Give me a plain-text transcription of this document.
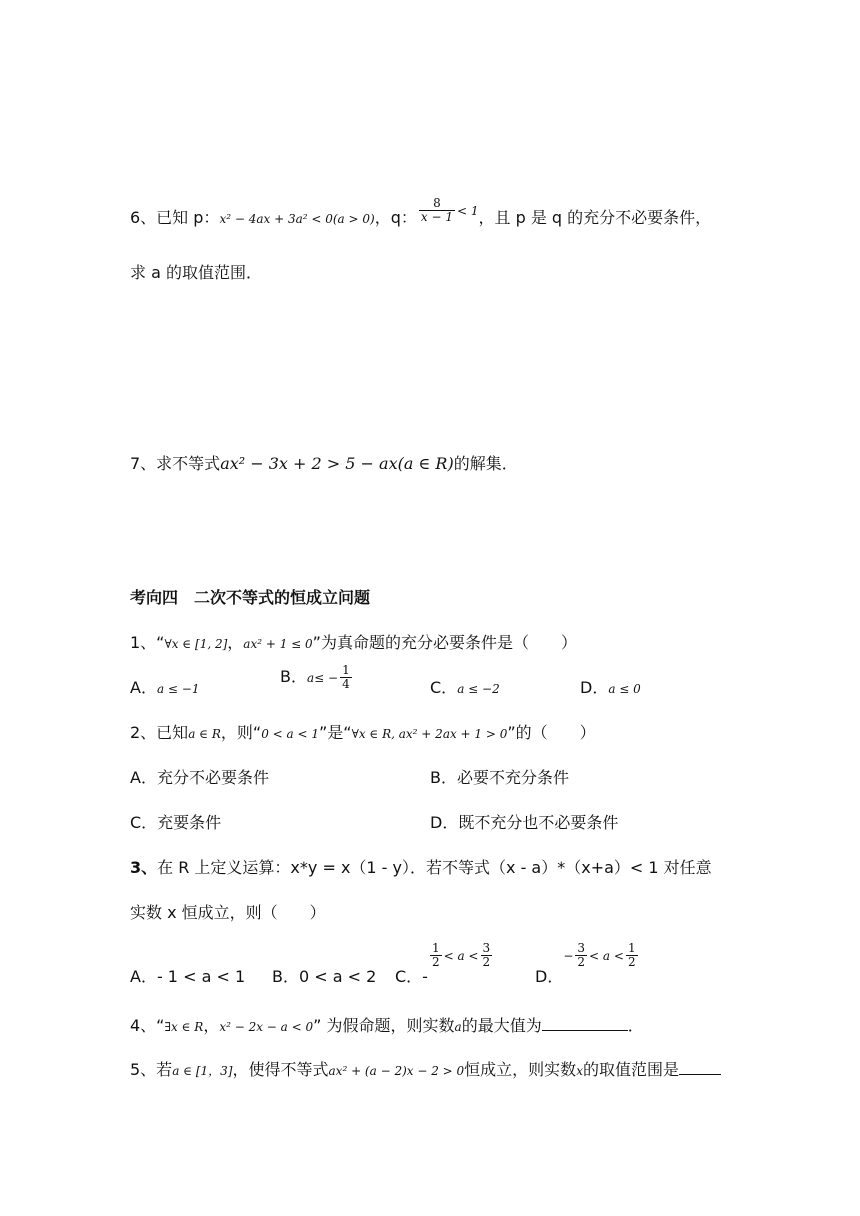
6、已知 p：x² − 4ax + 3a² < 0(a > 0)，q： $\frac{8}{x - 1} ^{< 1}$，且 p 是 q 的充分不必要条件，
求 a 的取值范围．
7、求不等式ax² − 3x + 2 > 5 − ax(a ∈ R)的解集．
考向四　二次不等式的恒成立问题
1、“∀x ∈ [1, 2]，ax² + 1 ≤ 0”为真命题的充分必要条件是（　　）
A．a ≤ −1
B．$a\le - \frac{1}{4}$	C．a ≤ −2	D．a ≤ 0
2、已知a ∈ R，则“0 < a < 1”是“∀x ∈ R, ax² + 2ax + 1 > 0”的（　　）
A．充分不必要条件	B．必要不充分条件
C．充要条件	D．既不充分也不必要条件
3、在 R 上定义运算：x*y = x（1 - y）．若不等式（x - a）*（x+a）< 1 对任意
实数 x 恒成立，则（　　）
A．- 1 < a < 1 B．0 < a < 2 C．-
$\frac{1}{2} < a < \frac{3}{2}$
D．− $\frac{3}{2} < a < \frac{1}{2}$
4、“∃x ∈ R，x² − 2x − a < 0” 为假命题，则实数a的最大值为	．
5、若a ∈ [1，3]，使得不等式ax² + (a − 2)x − 2 > 0恒成立，则实数x的取值范围是
